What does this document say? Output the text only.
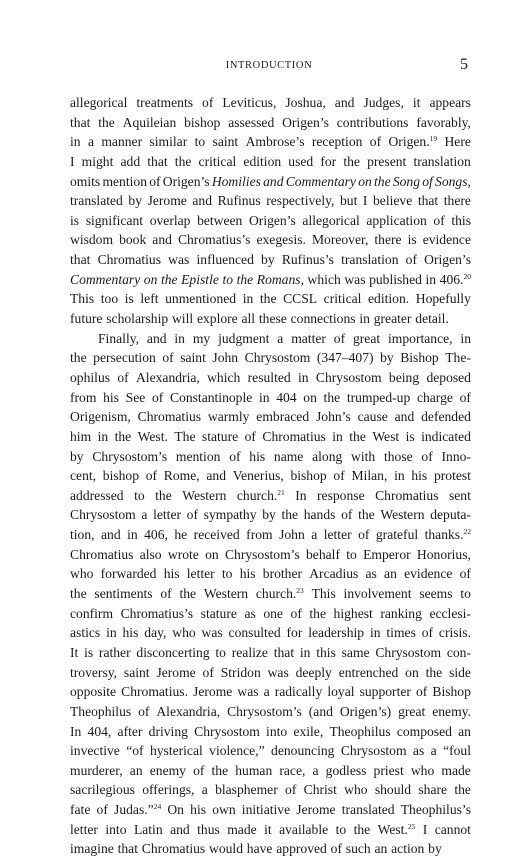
INTRODUCTION	5
allegorical treatments of Leviticus, Joshua, and Judges, it appears
that the Aquileian bishop assessed Origen’s contributions favorably,
in a manner similar to saint Ambrose’s reception of Origen.$^{19}$ Here
I might add that the critical edition used for the present translation
omits mention of Origen’s Homilies and Commentary on the Song of Songs,
translated by Jerome and Rufinus respectively, but I believe that there
is significant overlap between Origen’s allegorical application of this
wisdom book and Chromatius’s exegesis. Moreover, there is evidence
that Chromatius was influenced by Rufinus’s translation of Origen’s
Commentary on the Epistle to the Romans, which was published in 406.20
This too is left unmentioned in the CCSL critical edition. Hopefully
future scholarship will explore all these connections in greater detail.
Finally, and in my judgment a matter of great importance, in
the persecution of saint John Chrysostom (347–407) by Bishop The-
ophilus of Alexandria, which resulted in Chrysostom being deposed
from his See of Constantinople in 404 on the trumped-up charge of
Origenism, Chromatius warmly embraced John’s cause and defended
him in the West. The stature of Chromatius in the West is indicated
by Chrysostom’s mention of his name along with those of Inno-
cent, bishop of Rome, and Venerius, bishop of Milan, in his protest
addressed to the Western church.$^{21}$ In response Chromatius sent
Chrysostom a letter of sympathy by the hands of the Western deputa-
tion, and in 406, he received from John a letter of grateful thanks.$^{22}$
Chromatius also wrote on Chrysostom’s behalf to Emperor Honorius,
who forwarded his letter to his brother Arcadius as an evidence of
the sentiments of the Western church.$^{23}$ This involvement seems to
confirm Chromatius’s stature as one of the highest ranking ecclesi-
astics in his day, who was consulted for leadership in times of crisis.
It is rather disconcerting to realize that in this same Chrysostom con-
troversy, saint Jerome of Stridon was deeply entrenched on the side
opposite Chromatius. Jerome was a radically loyal supporter of Bishop
Theophilus of Alexandria, Chrysostom’s (and Origen’s) great enemy.
In 404, after driving Chrysostom into exile, Theophilus composed an
invective “of hysterical violence,” denouncing Chrysostom as a “foul
murderer, an enemy of the human race, a godless priest who made
sacrilegious offerings, a blasphemer of Christ who should share the
fate of Judas.”$^{24}$ On his own initiative Jerome translated Theophilus’s
letter into Latin and thus made it available to the West.$^{25}$ I cannot
imagine that Chromatius would have approved of such an action by
